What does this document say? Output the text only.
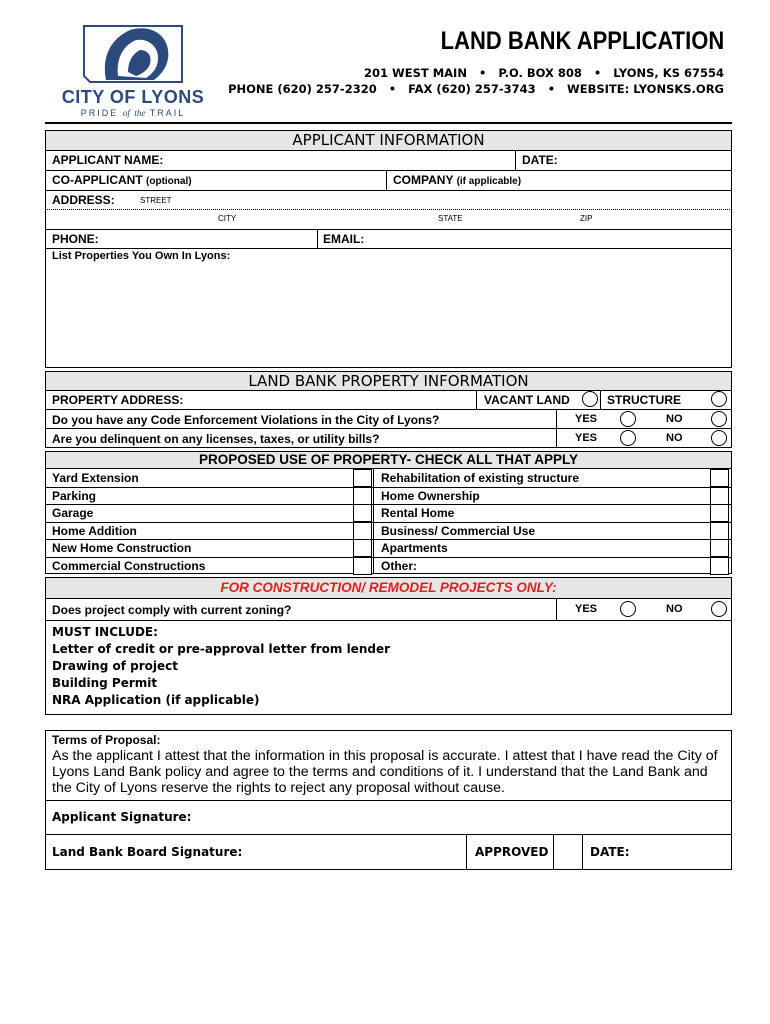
CITY OF LYONS
PRIDE of the TRAIL
LAND BANK APPLICATION
201 WEST MAIN   •   P.O. BOX 808   •   LYONS, KS 67554
PHONE (620) 257-2320   •   FAX (620) 257-3743   •   WEBSITE: LYONSKS.ORG
APPLICANT INFORMATION
APPLICANT NAME:	DATE:
CO-APPLICANT (optional)	COMPANY (if applicable)
ADDRESS:	STREET
CITY	STATE	ZIP
PHONE:	EMAIL:
List Properties You Own In Lyons:
LAND BANK PROPERTY INFORMATION
PROPERTY ADDRESS:	VACANT LAND	STRUCTURE
Do you have any Code Enforcement Violations in the City of Lyons?	YES	NO
Are you delinquent on any licenses, taxes, or utility bills?	YES	NO
PROPOSED USE OF PROPERTY- CHECK ALL THAT APPLY
Yard Extension	Rehabilitation of existing structure
Parking	Home Ownership
Garage	Rental Home
Home Addition	Business/ Commercial Use
New Home Construction	Apartments
Commercial Constructions	Other:
FOR CONSTRUCTION/ REMODEL PROJECTS ONLY:
Does project comply with current zoning?	YES	NO
MUST INCLUDE:
Letter of credit or pre-approval letter from lender
Drawing of project
Building Permit
NRA Application (if applicable)
Terms of Proposal:
As the applicant I attest that the information in this proposal is accurate. I attest that I have read the City of Lyons Land Bank policy and agree to the terms and conditions of it. I understand that the Land Bank and the City of Lyons reserve the rights to reject any proposal without cause.
Applicant Signature:
Land Bank Board Signature:	APPROVED	DATE:
